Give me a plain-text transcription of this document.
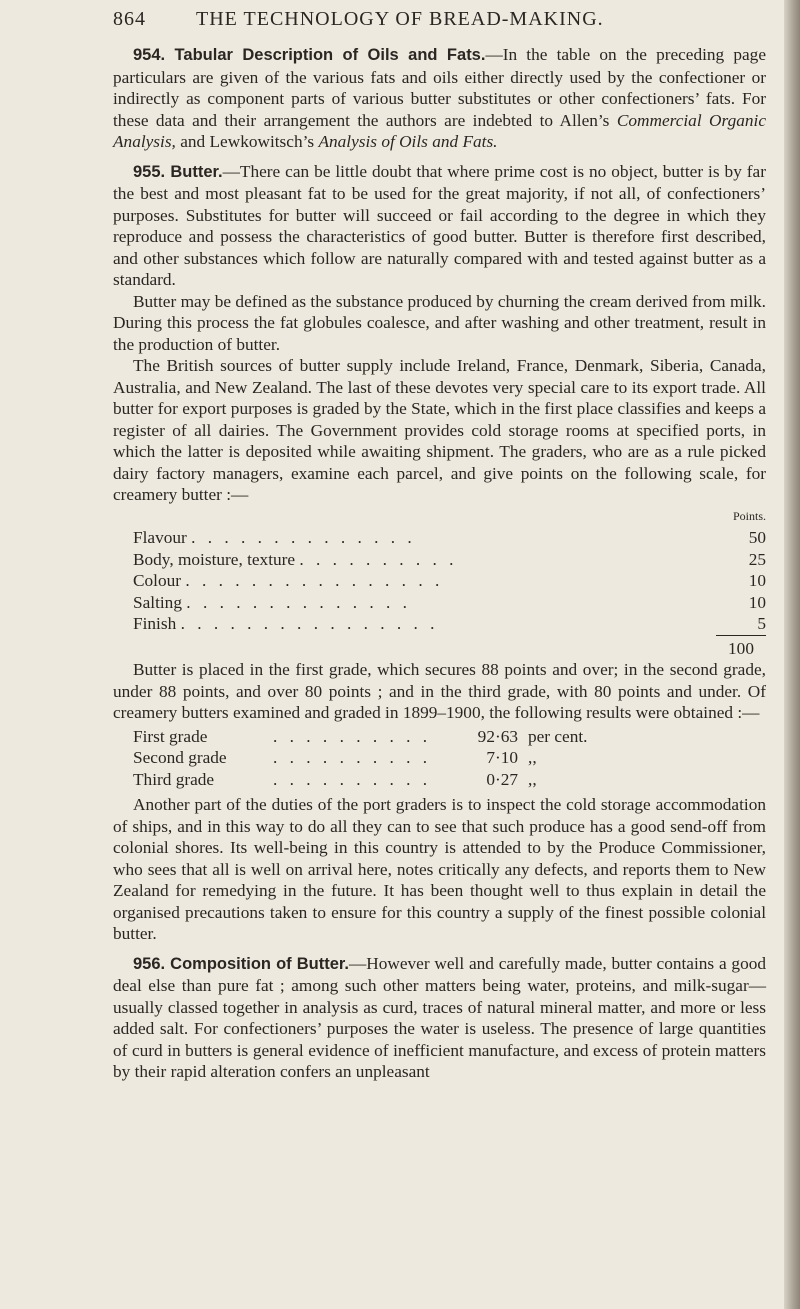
864	THE TECHNOLOGY OF BREAD-MAKING.

954. Tabular Description of Oils and Fats.—In the table on the preceding page particulars are given of the various fats and oils either directly used by the confectioner or indirectly as component parts of various butter substitutes or other confectioners’ fats. For these data and their arrangement the authors are indebted to Allen’s Commercial Organic Analysis, and Lewkowitsch’s Analysis of Oils and Fats.

955. Butter.—There can be little doubt that where prime cost is no object, butter is by far the best and most pleasant fat to be used for the great majority, if not all, of confectioners’ purposes. Substitutes for butter will succeed or fail according to the degree in which they reproduce and possess the characteristics of good butter. Butter is therefore first described, and other substances which follow are naturally compared with and tested against butter as a standard.

Butter may be defined as the substance produced by churning the cream derived from milk. During this process the fat globules coalesce, and after washing and other treatment, result in the production of butter.

The British sources of butter supply include Ireland, France, Denmark, Siberia, Canada, Australia, and New Zealand. The last of these devotes very special care to its export trade. All butter for export purposes is graded by the State, which in the first place classifies and keeps a register of all dairies. The Government provides cold storage rooms at specified ports, in which the latter is deposited while awaiting shipment. The graders, who are as a rule picked dairy factory managers, examine each parcel, and give points on the following scale, for creamery butter :—

	Points.
Flavour . . . . . . . . . . . . . .	50
Body, moisture, texture . . . . . . . . . .	25
Colour . . . . . . . . . . . . . . . .	10
Salting . . . . . . . . . . . . . .	10
Finish . . . . . . . . . . . . . . . .	5
	100

Butter is placed in the first grade, which secures 88 points and over; in the second grade, under 88 points, and over 80 points ; and in the third grade, with 80 points and under. Of creamery butters examined and graded in 1899–1900, the following results were obtained :—

First grade	. . . . . . . . . .	92·63	per cent.
Second grade	. . . . . . . . . .	7·10	,,
Third grade	. . . . . . . . . .	0·27	,,

Another part of the duties of the port graders is to inspect the cold storage accommodation of ships, and in this way to do all they can to see that such produce has a good send-off from colonial shores. Its well-being in this country is attended to by the Produce Commissioner, who sees that all is well on arrival here, notes critically any defects, and reports them to New Zealand for remedying in the future. It has been thought well to thus explain in detail the organised precautions taken to ensure for this country a supply of the finest possible colonial butter.

956. Composition of Butter.—However well and carefully made, butter contains a good deal else than pure fat ; among such other matters being water, proteins, and milk-sugar—usually classed together in analysis as curd, traces of natural mineral matter, and more or less added salt. For confectioners’ purposes the water is useless. The presence of large quantities of curd in butters is general evidence of inefficient manufacture, and excess of protein matters by their rapid alteration confers an unpleasant
